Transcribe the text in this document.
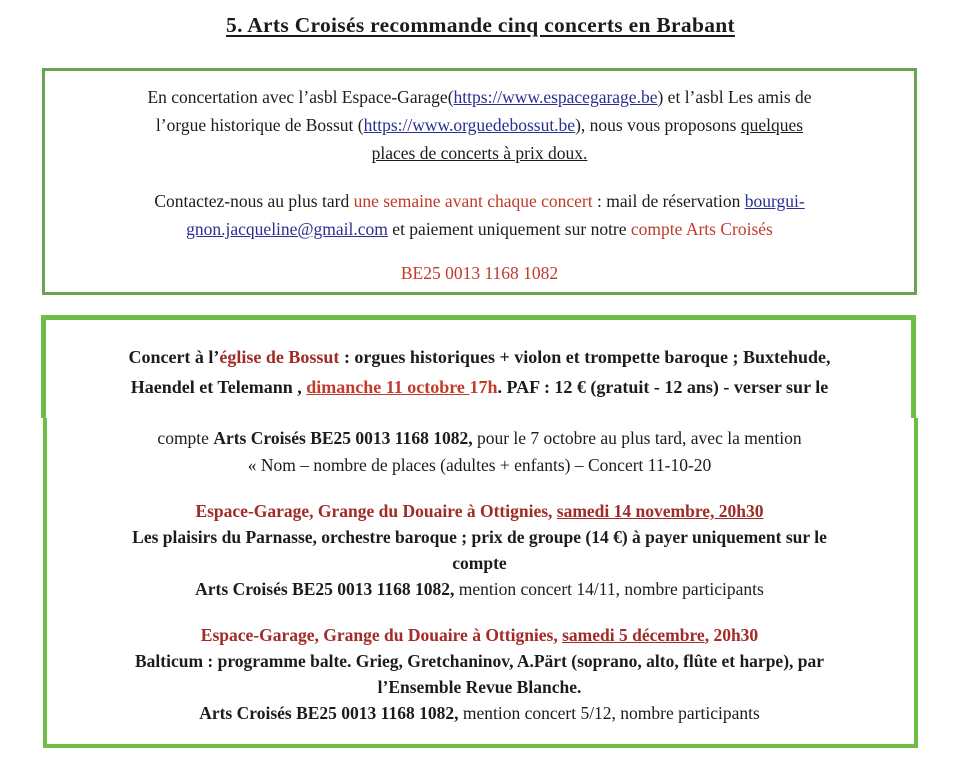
5. Arts Croisés recommande cinq concerts en Brabant
En concertation avec l’asbl Espace-Garage(https://www.espacegarage.be) et l’asbl Les amis de
l’orgue historique de Bossut (https://www.orguedebossut.be), nous vous proposons quelques
places de concerts à prix doux.
Contactez-nous au plus tard une semaine avant chaque concert : mail de réservation bourgui-
gnon.jacqueline@gmail.com et paiement uniquement sur notre compte Arts Croisés
BE25 0013 1168 1082
Concert à l’église de Bossut : orgues historiques + violon et trompette baroque ; Buxtehude,
Haendel et Telemann , dimanche 11 octobre 17h. PAF : 12 € (gratuit - 12 ans) - verser sur le
compte Arts Croisés BE25 0013 1168 1082, pour le 7 octobre au plus tard, avec la mention
« Nom – nombre de places (adultes + enfants) – Concert 11-10-20
Espace-Garage, Grange du Douaire à Ottignies, samedi 14 novembre, 20h30
Les plaisirs du Parnasse, orchestre baroque ; prix de groupe (14 €) à payer uniquement sur le
compte
Arts Croisés BE25 0013 1168 1082, mention concert 14/11, nombre participants
Espace-Garage, Grange du Douaire à Ottignies, samedi 5 décembre, 20h30
Balticum : programme balte. Grieg, Gretchaninov, A.Pärt (soprano, alto, flûte et harpe), par
l’Ensemble Revue Blanche.
Arts Croisés BE25 0013 1168 1082, mention concert 5/12, nombre participants
